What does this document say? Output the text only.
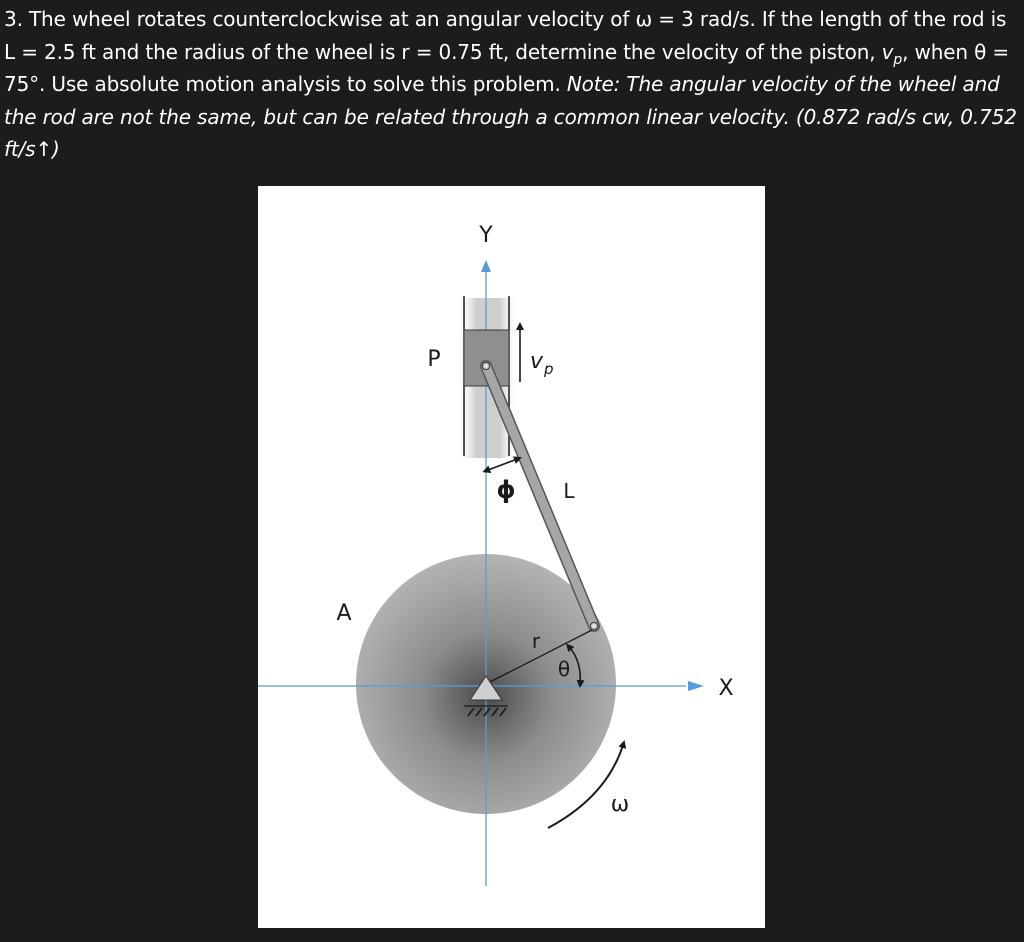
3. The wheel rotates counterclockwise at an angular velocity of ω = 3 rad/s. If the length of the rod is L = 2.5 ft and the radius of the wheel is r = 0.75 ft, determine the velocity of the piston, $v_p$, when θ = 75°. Use absolute motion analysis to solve this problem. Note: The angular velocity of the wheel and the rod are not the same, but can be related through a common linear velocity. (0.872 rad/s cw, 0.752 ft/s↑)

Y
X
P	$v_p$
ϕ L
A
r
θ
ω
